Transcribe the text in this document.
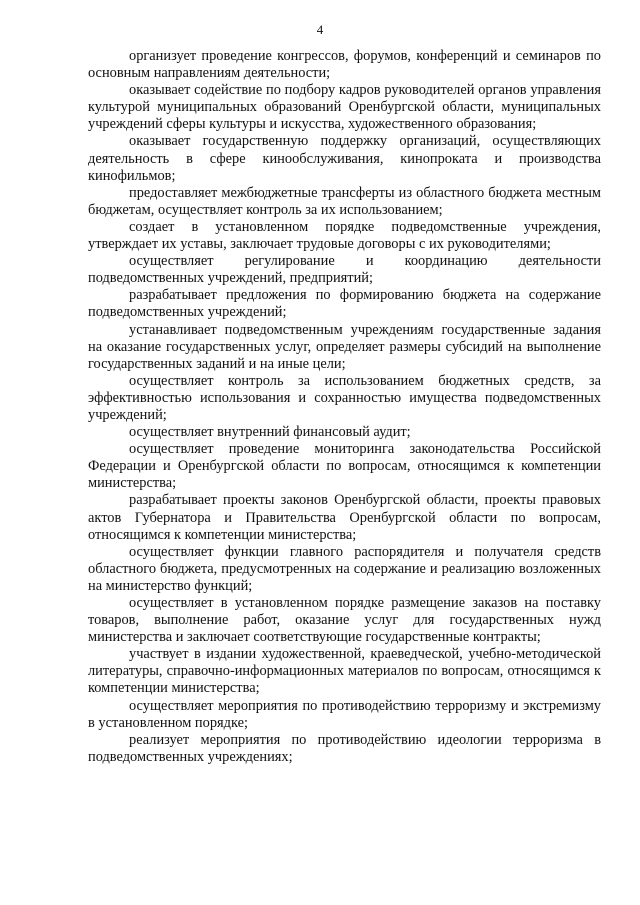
4

организует проведение конгрессов, форумов, конференций и семинаров по основным направлениям деятельности;

оказывает содействие по подбору кадров руководителей органов управления культурой муниципальных образований Оренбургской области, муниципальных учреждений сферы культуры и искусства, художественного образования;

оказывает государственную поддержку организаций, осуществляющих деятельность в сфере кинообслуживания, кинопроката и производства кинофильмов;

предоставляет межбюджетные трансферты из областного бюджета местным бюджетам, осуществляет контроль за их использованием;

создает в установленном порядке подведомственные учреждения, утверждает их уставы, заключает трудовые договоры с их руководителями;

осуществляет регулирование и координацию деятельности подведомственных учреждений, предприятий;

разрабатывает предложения по формированию бюджета на содержание подведомственных учреждений;

устанавливает подведомственным учреждениям государственные задания на оказание государственных услуг, определяет размеры субсидий на выполнение государственных заданий и на иные цели;

осуществляет контроль за использованием бюджетных средств, за эффективностью использования и сохранностью имущества подведомственных учреждений;

осуществляет внутренний финансовый аудит;

осуществляет проведение мониторинга законодательства Российской Федерации и Оренбургской области по вопросам, относящимся к компетенции министерства;

разрабатывает проекты законов Оренбургской области, проекты правовых актов Губернатора и Правительства Оренбургской области по вопросам, относящимся к компетенции министерства;

осуществляет функции главного распорядителя и получателя средств областного бюджета, предусмотренных на содержание и реализацию возложенных на министерство функций;

осуществляет в установленном порядке размещение заказов на поставку товаров, выполнение работ, оказание услуг для государственных нужд министерства и заключает соответствующие государственные контракты;

участвует в издании художественной, краеведческой, учебно-методической литературы, справочно-информационных материалов по вопросам, относящимся к компетенции министерства;

осуществляет мероприятия по противодействию терроризму и экстремизму в установленном порядке;

реализует мероприятия по противодействию идеологии терроризма в подведомственных учреждениях;
